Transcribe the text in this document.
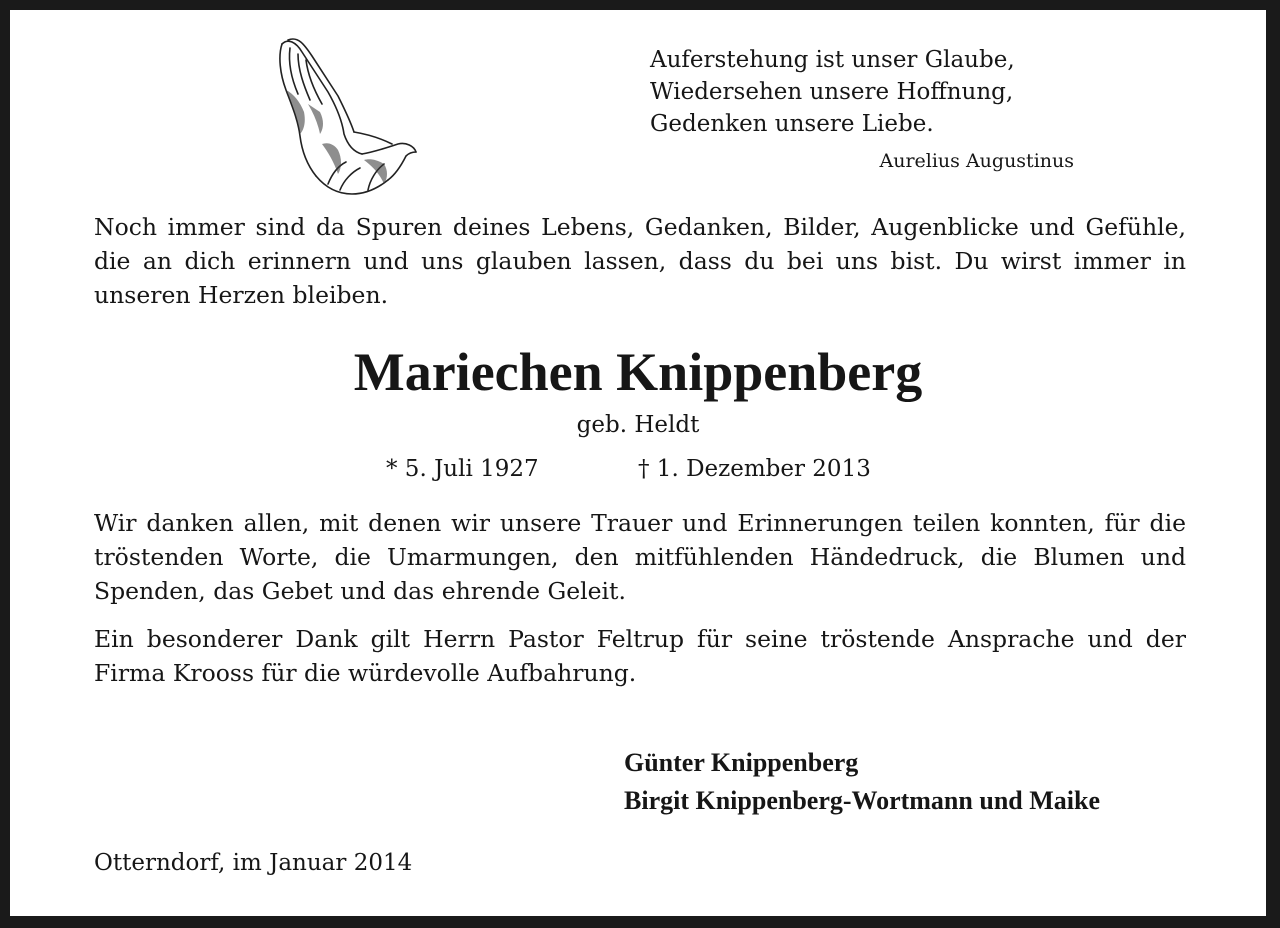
Auferstehung ist unser Glaube,
Wiedersehen unsere Hoffnung,
Gedenken unsere Liebe.
Aurelius Augustinus

Noch immer sind da Spuren deines Lebens, Gedanken, Bilder, Augenblicke und Gefühle, die an dich erinnern und uns glauben lassen, dass du bei uns bist. Du wirst immer in unseren Herzen bleiben.

Mariechen Knippenberg
geb. Heldt
* 5. Juli 1927	† 1. Dezember 2013

Wir danken allen, mit denen wir unsere Trauer und Erinnerungen teilen konnten, für die tröstenden Worte, die Umarmungen, den mitfühlenden Händedruck, die Blumen und Spenden, das Gebet und das ehrende Geleit.

Ein besonderer Dank gilt Herrn Pastor Feltrup für seine tröstende Ansprache und der Firma Krooss für die würdevolle Aufbahrung.

Günter Knippenberg
Birgit Knippenberg-Wortmann und Maike
Otterndorf, im Januar 2014
